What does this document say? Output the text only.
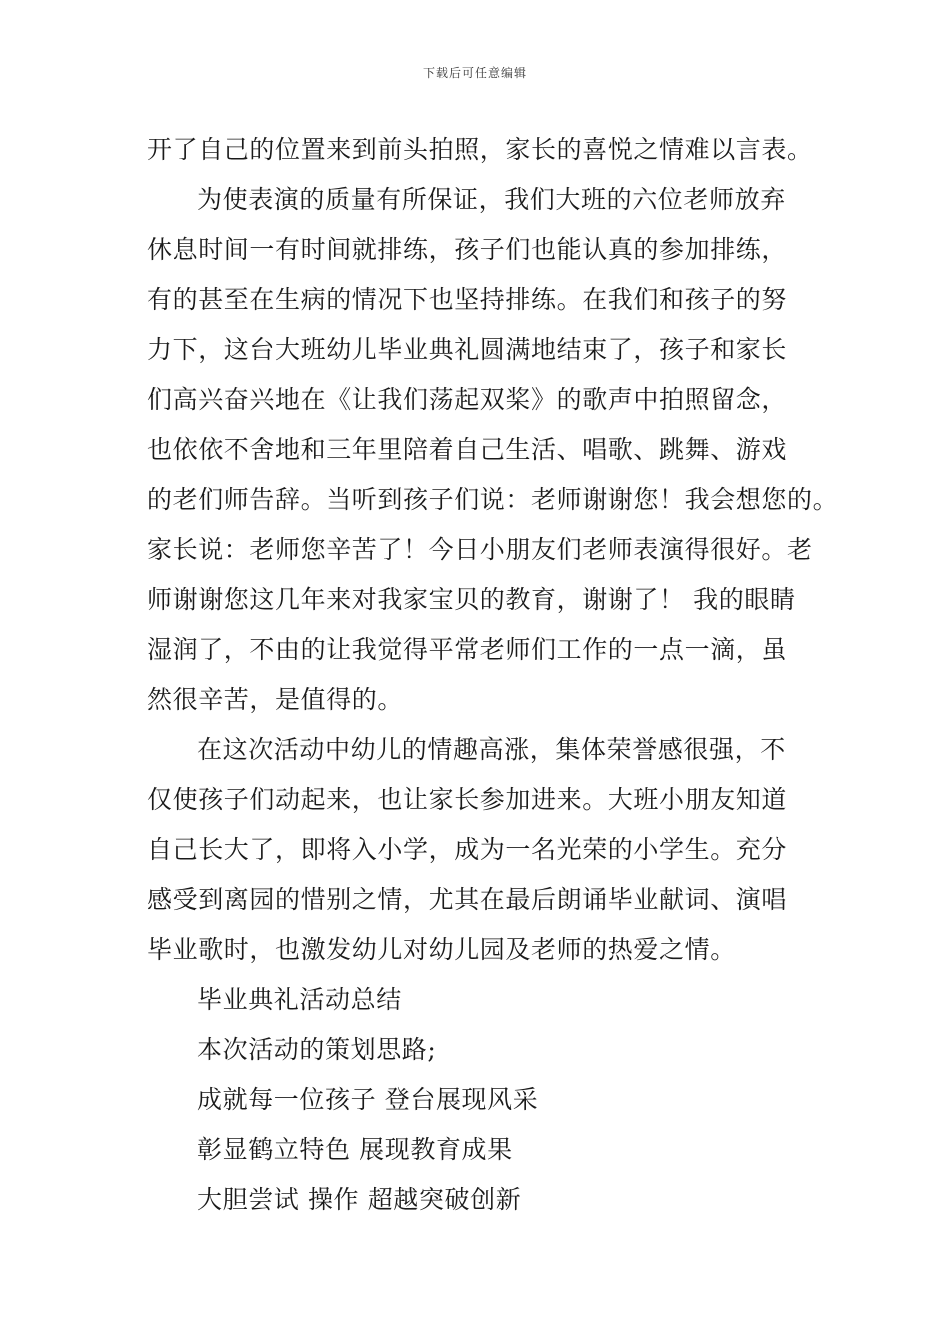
下载后可任意编辑
开了自己的位置来到前头拍照，家长的喜悦之情难以言表。
为使表演的质量有所保证，我们大班的六位老师放弃
休息时间一有时间就排练，孩子们也能认真的参加排练，
有的甚至在生病的情况下也坚持排练。在我们和孩子的努
力下，这台大班幼儿毕业典礼圆满地结束了，孩子和家长
们高兴奋兴地在《让我们荡起双桨》的歌声中拍照留念，
也依依不舍地和三年里陪着自己生活、唱歌、跳舞、游戏
的老们师告辞。当听到孩子们说：老师谢谢您！我会想您的。
家长说：老师您辛苦了！今日小朋友们老师表演得很好。老
师谢谢您这几年来对我家宝贝的教育，谢谢了！ 我的眼睛
湿润了，不由的让我觉得平常老师们工作的一点一滴，虽
然很辛苦，是值得的。
在这次活动中幼儿的情趣高涨，集体荣誉感很强，不
仅使孩子们动起来，也让家长参加进来。大班小朋友知道
自己长大了，即将入小学，成为一名光荣的小学生。充分
感受到离园的惜别之情，尤其在最后朗诵毕业献词、演唱
毕业歌时，也激发幼儿对幼儿园及老师的热爱之情。
毕业典礼活动总结
本次活动的策划思路;
成就每一位孩子 登台展现风采
彰显鹤立特色 展现教育成果
大胆尝试 操作 超越突破创新
